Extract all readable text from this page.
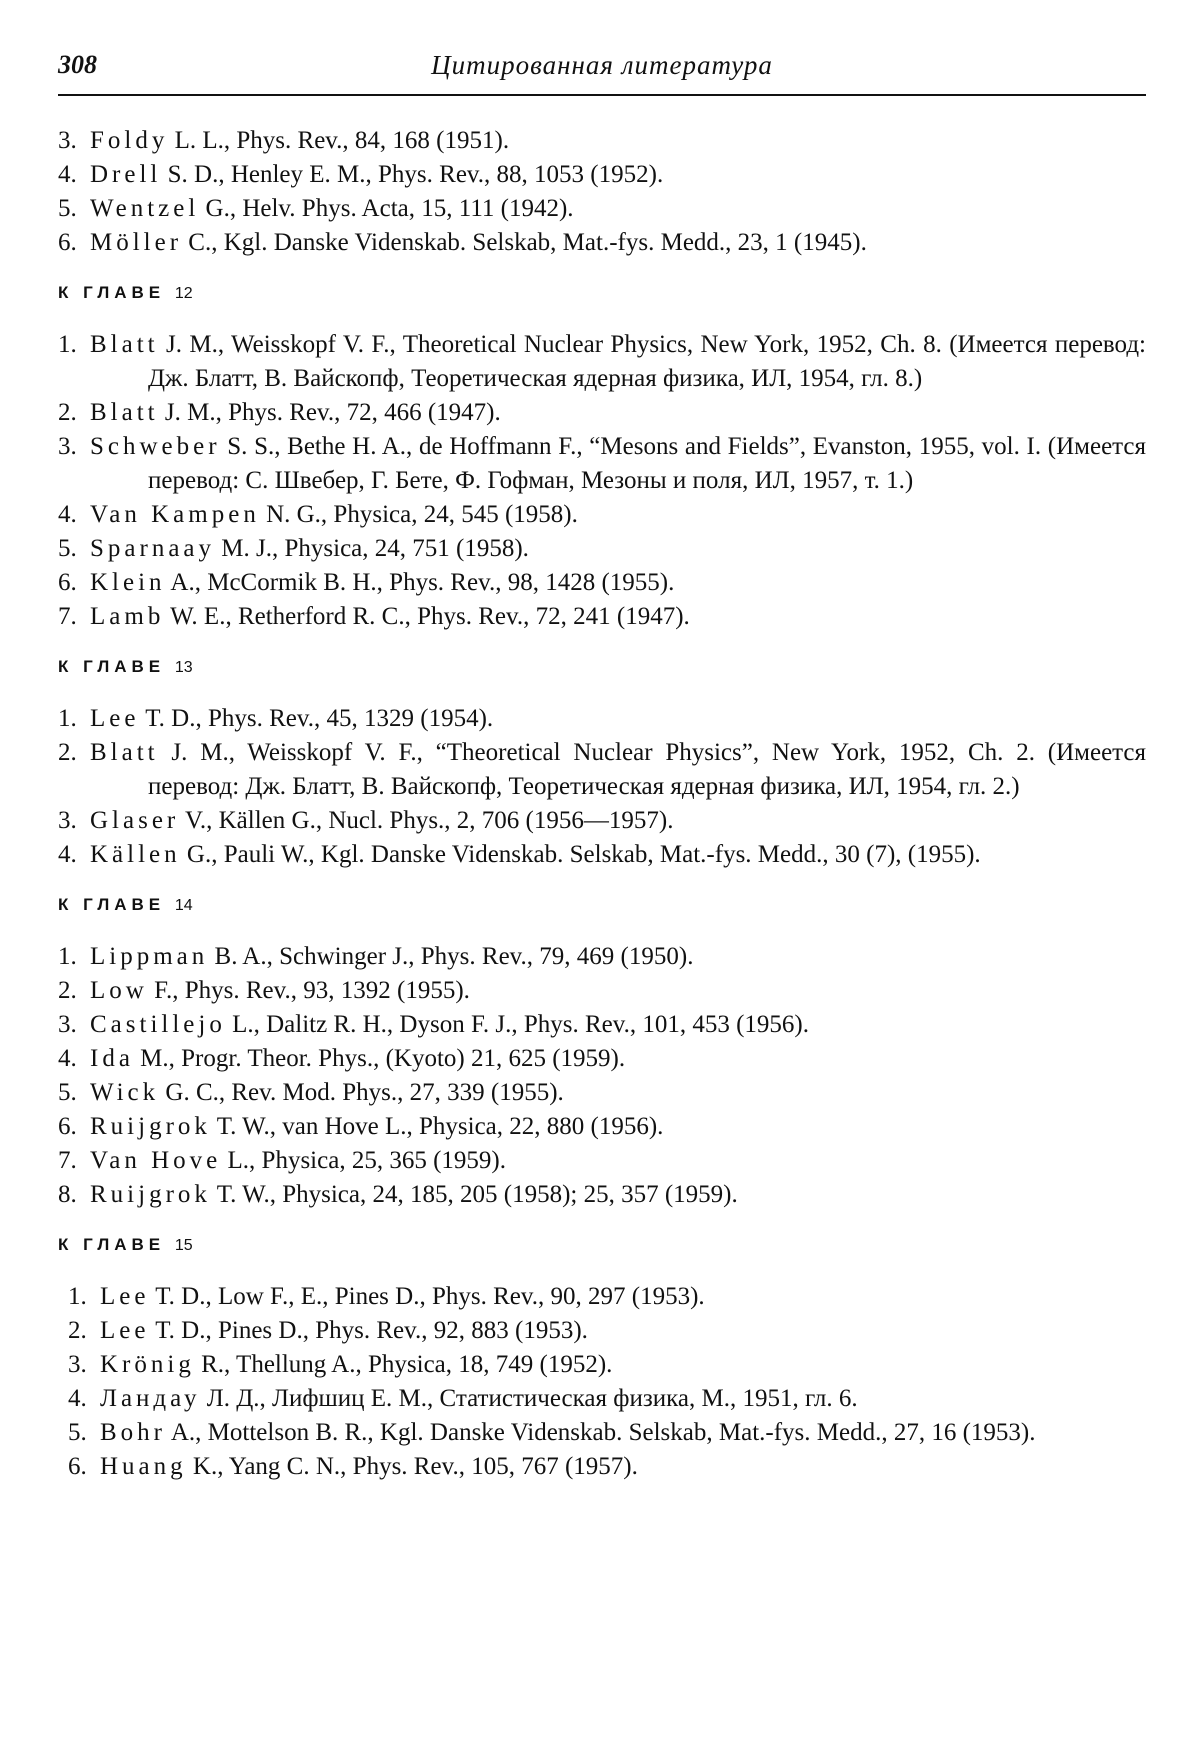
308	Цитированная литература
3. Foldy L. L., Phys. Rev., 84, 168 (1951).
4. Drell S. D., Henley E. M., Phys. Rev., 88, 1053 (1952).
5. Wentzel G., Helv. Phys. Acta, 15, 111 (1942).
6. Möller C., Kgl. Danske Videnskab. Selskab, Mat.-fys. Medd., 23, 1 (1945).
К ГЛАВЕ 12
1. Blatt J. M., Weisskopf V. F., Theoretical Nuclear Physics, New York, 1952, Ch. 8. (Имеется перевод: Дж. Блатт, В. Вайскопф, Теоретическая ядерная физика, ИЛ, 1954, гл. 8.)
2. Blatt J. M., Phys. Rev., 72, 466 (1947).
3. Schweber S. S., Bethe H. A., de Hoffmann F., “Mesons and Fields”, Evanston, 1955, vol. I. (Имеется перевод: С. Швебер, Г. Бете, Ф. Гофман, Мезоны и поля, ИЛ, 1957, т. 1.)
4. Van Kampen N. G., Physica, 24, 545 (1958).
5. Sparnaay M. J., Physica, 24, 751 (1958).
6. Klein A., McCormik B. H., Phys. Rev., 98, 1428 (1955).
7. Lamb W. E., Retherford R. C., Phys. Rev., 72, 241 (1947).
К ГЛАВЕ 13
1. Lee T. D., Phys. Rev., 45, 1329 (1954).
2. Blatt J. M., Weisskopf V. F., “Theoretical Nuclear Physics”, New York, 1952, Ch. 2. (Имеется перевод: Дж. Блатт, В. Вайскопф, Теоретическая ядерная физика, ИЛ, 1954, гл. 2.)
3. Glaser V., Källen G., Nucl. Phys., 2, 706 (1956—1957).
4. Källen G., Pauli W., Kgl. Danske Videnskab. Selskab, Mat.-fys. Medd., 30 (7), (1955).
К ГЛАВЕ 14
1. Lippman B. A., Schwinger J., Phys. Rev., 79, 469 (1950).
2. Low F., Phys. Rev., 93, 1392 (1955).
3. Castillejo L., Dalitz R. H., Dyson F. J., Phys. Rev., 101, 453 (1956).
4. Ida M., Progr. Theor. Phys., (Kyoto) 21, 625 (1959).
5. Wick G. C., Rev. Mod. Phys., 27, 339 (1955).
6. Ruijgrok T. W., van Hove L., Physica, 22, 880 (1956).
7. Van Hove L., Physica, 25, 365 (1959).
8. Ruijgrok T. W., Physica, 24, 185, 205 (1958); 25, 357 (1959).
К ГЛАВЕ 15
1. Lee T. D., Low F., E., Pines D., Phys. Rev., 90, 297 (1953).
2. Lee T. D., Pines D., Phys. Rev., 92, 883 (1953).
3. Krönig R., Thellung A., Physica, 18, 749 (1952).
4. Ландау Л. Д., Лифшиц Е. М., Статистическая физика, М., 1951, гл. 6.
5. Bohr A., Mottelson B. R., Kgl. Danske Videnskab. Selskab, Mat.-fys. Medd., 27, 16 (1953).
6. Huang K., Yang C. N., Phys. Rev., 105, 767 (1957).
